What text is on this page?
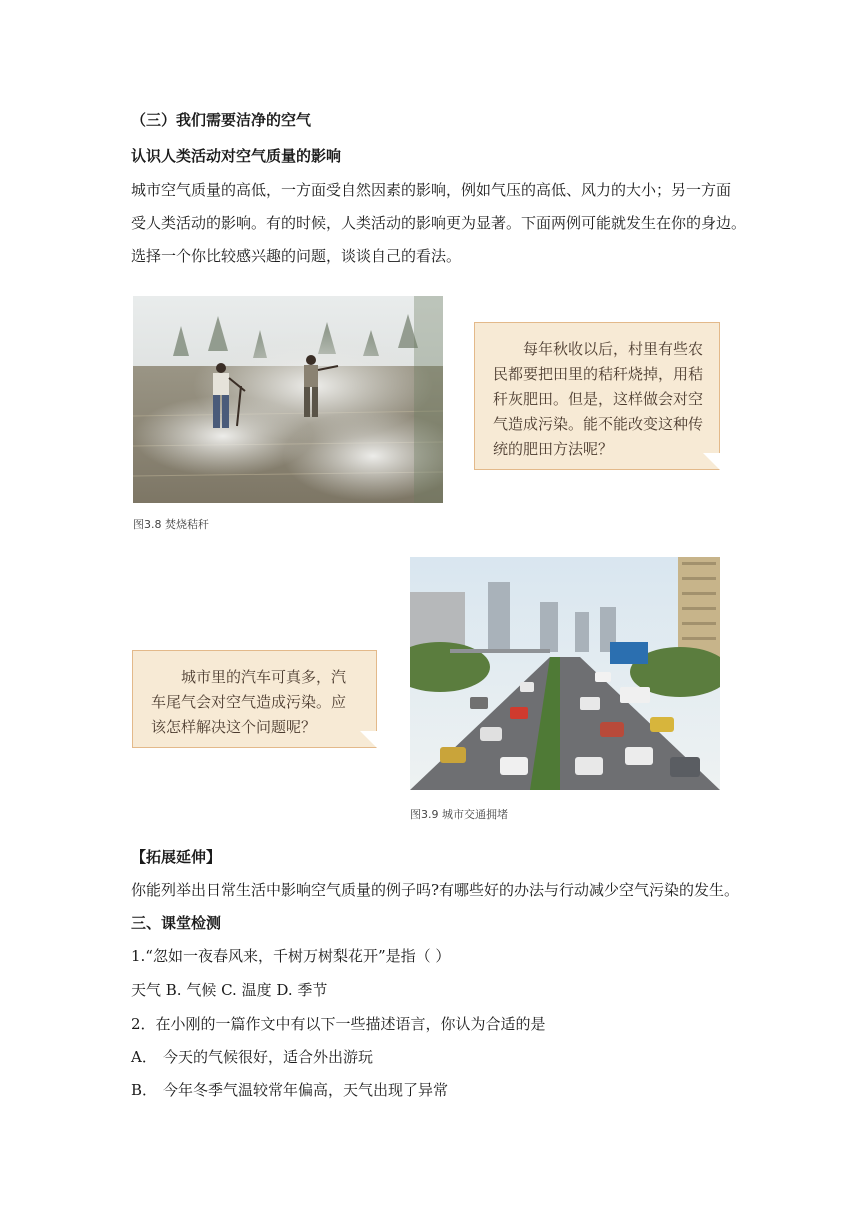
（三）我们需要洁净的空气
认识人类活动对空气质量的影响
城市空气质量的高低，一方面受自然因素的影响，例如气压的高低、风力的大小；另一方面
受人类活动的影响。有的时候，人类活动的影响更为显著。下面两例可能就发生在你的身边。
选择一个你比较感兴趣的问题，谈谈自己的看法。
每年秋收以后，村里有些农民都要把田里的秸秆烧掉，用秸秆灰肥田。但是，这样做会对空气造成污染。能不能改变这种传统的肥田方法呢？
图3.8 焚烧秸秆
城市里的汽车可真多，汽车尾气会对空气造成污染。应该怎样解决这个问题呢？
图3.9 城市交通拥堵
【拓展延伸】
你能列举出日常生活中影响空气质量的例子吗?有哪些好的办法与行动减少空气污染的发生。
三、课堂检测
1.“忽如一夜春风来，千树万树梨花开”是指（ ）
天气 B. 气候 C. 温度 D. 季节
2．在小刚的一篇作文中有以下一些描述语言，你认为合适的是
A． 今天的气候很好，适合外出游玩
B． 今年冬季气温较常年偏高，天气出现了异常
